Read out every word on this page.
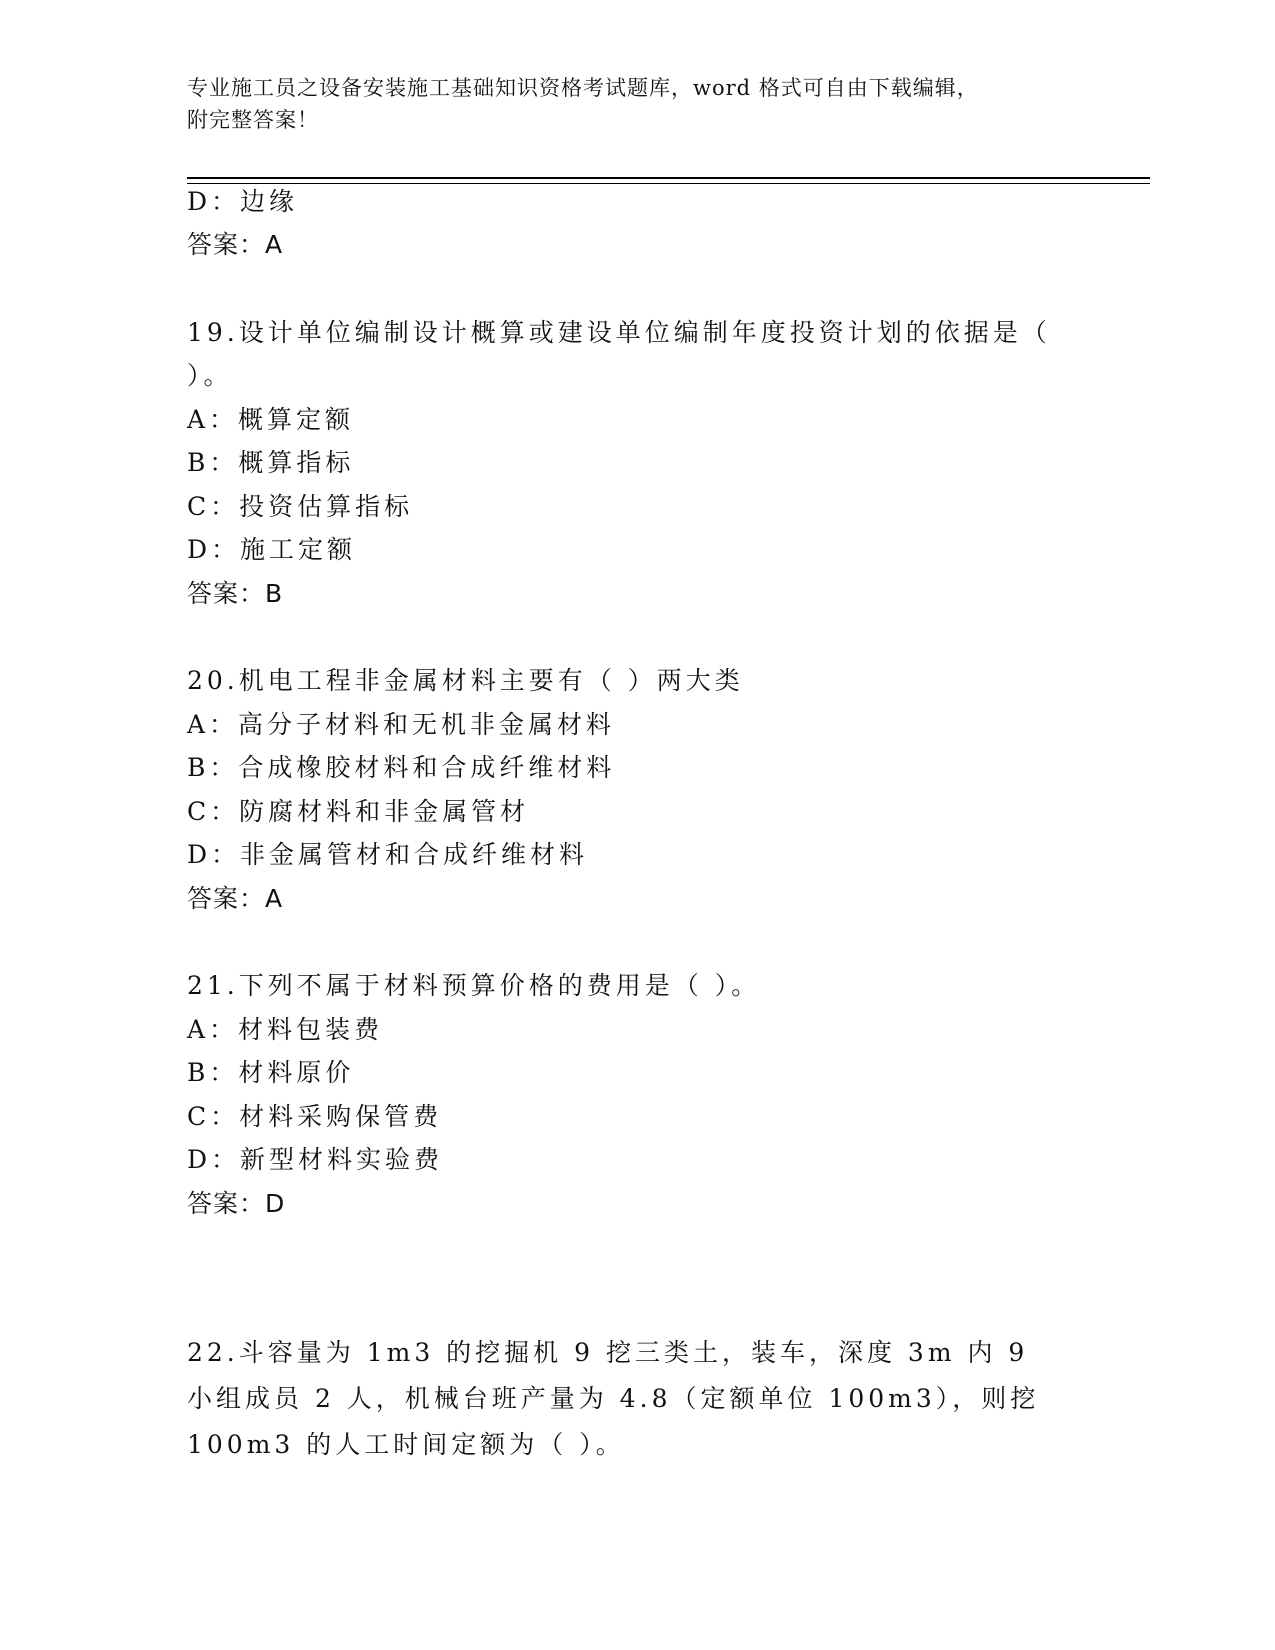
专业施工员之设备安装施工基础知识资格考试题库，word 格式可自由下载编辑，
附完整答案！
D：边缘
答案：A
19.设计单位编制设计概算或建设单位编制年度投资计划的依据是（
）。
A：概算定额
B：概算指标
C：投资估算指标
D：施工定额
答案：B
20.机电工程非金属材料主要有（ ）两大类
A：高分子材料和无机非金属材料
B：合成橡胶材料和合成纤维材料
C：防腐材料和非金属管材
D：非金属管材和合成纤维材料
答案：A
21.下列不属于材料预算价格的费用是（ ）。
A：材料包装费
B：材料原价
C：材料采购保管费
D：新型材料实验费
答案：D
22.斗容量为 1m3 的挖掘机 9 挖三类土，装车，深度 3m 内 9 小组成员 2 人，机械台班产量为 4.8（定额单位 100m3），则挖 100m3 的人工时间定额为（ ）。
